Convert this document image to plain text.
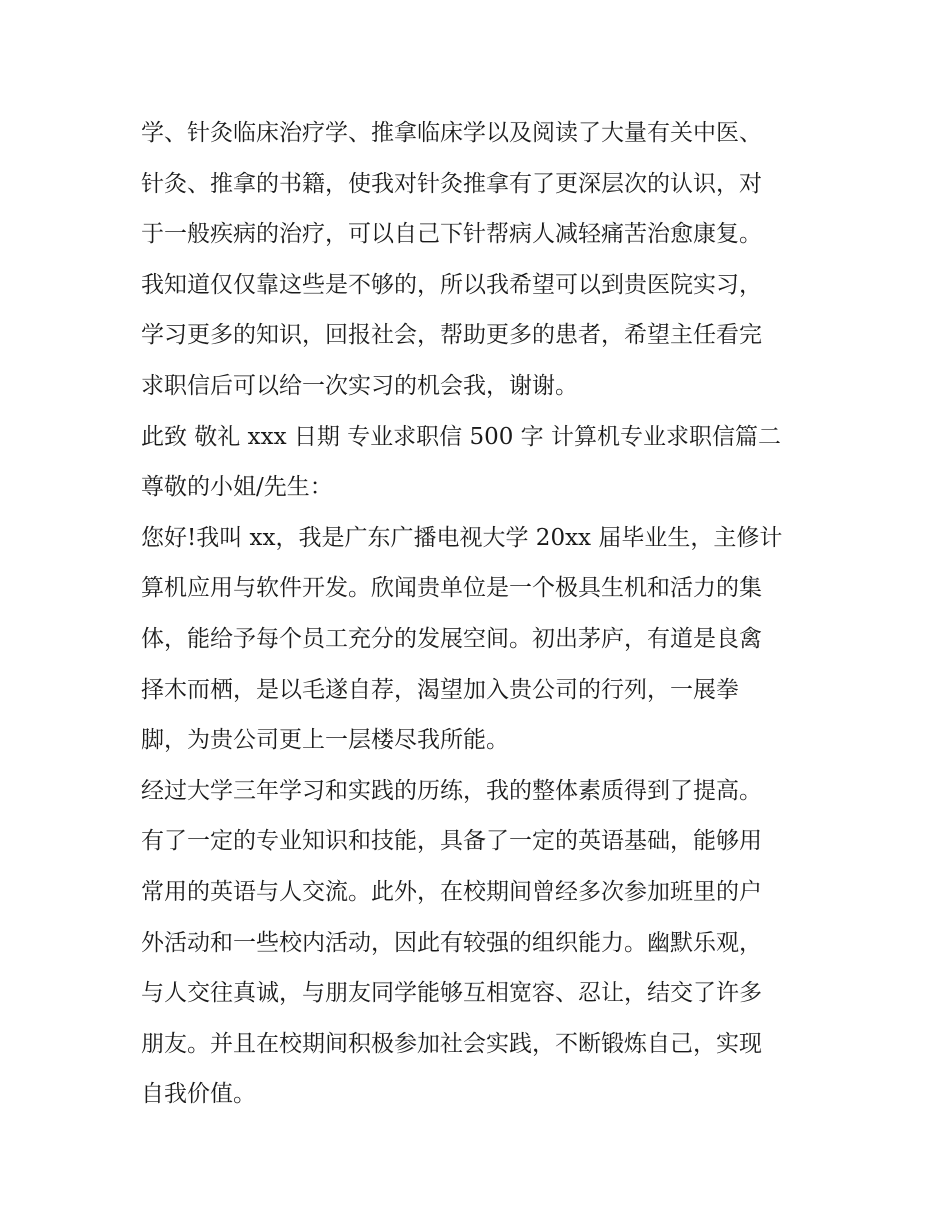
学、针灸临床治疗学、推拿临床学以及阅读了大量有关中医、
针灸、推拿的书籍，使我对针灸推拿有了更深层次的认识，对
于一般疾病的治疗，可以自己下针帮病人减轻痛苦治愈康复。
我知道仅仅靠这些是不够的，所以我希望可以到贵医院实习，
学习更多的知识，回报社会，帮助更多的患者，希望主任看完
求职信后可以给一次实习的机会我，谢谢。
此致 敬礼 xxx 日期 专业求职信 500 字 计算机专业求职信篇二
尊敬的小姐/先生：
您好!我叫 xx，我是广东广播电视大学 20xx 届毕业生，主修计
算机应用与软件开发。欣闻贵单位是一个极具生机和活力的集
体，能给予每个员工充分的发展空间。初出茅庐，有道是良禽
择木而栖，是以毛遂自荐，渴望加入贵公司的行列，一展拳
脚，为贵公司更上一层楼尽我所能。
经过大学三年学习和实践的历练，我的整体素质得到了提高。
有了一定的专业知识和技能，具备了一定的英语基础，能够用
常用的英语与人交流。此外，在校期间曾经多次参加班里的户
外活动和一些校内活动，因此有较强的组织能力。幽默乐观，
与人交往真诚，与朋友同学能够互相宽容、忍让，结交了许多
朋友。并且在校期间积极参加社会实践，不断锻炼自己，实现
自我价值。
